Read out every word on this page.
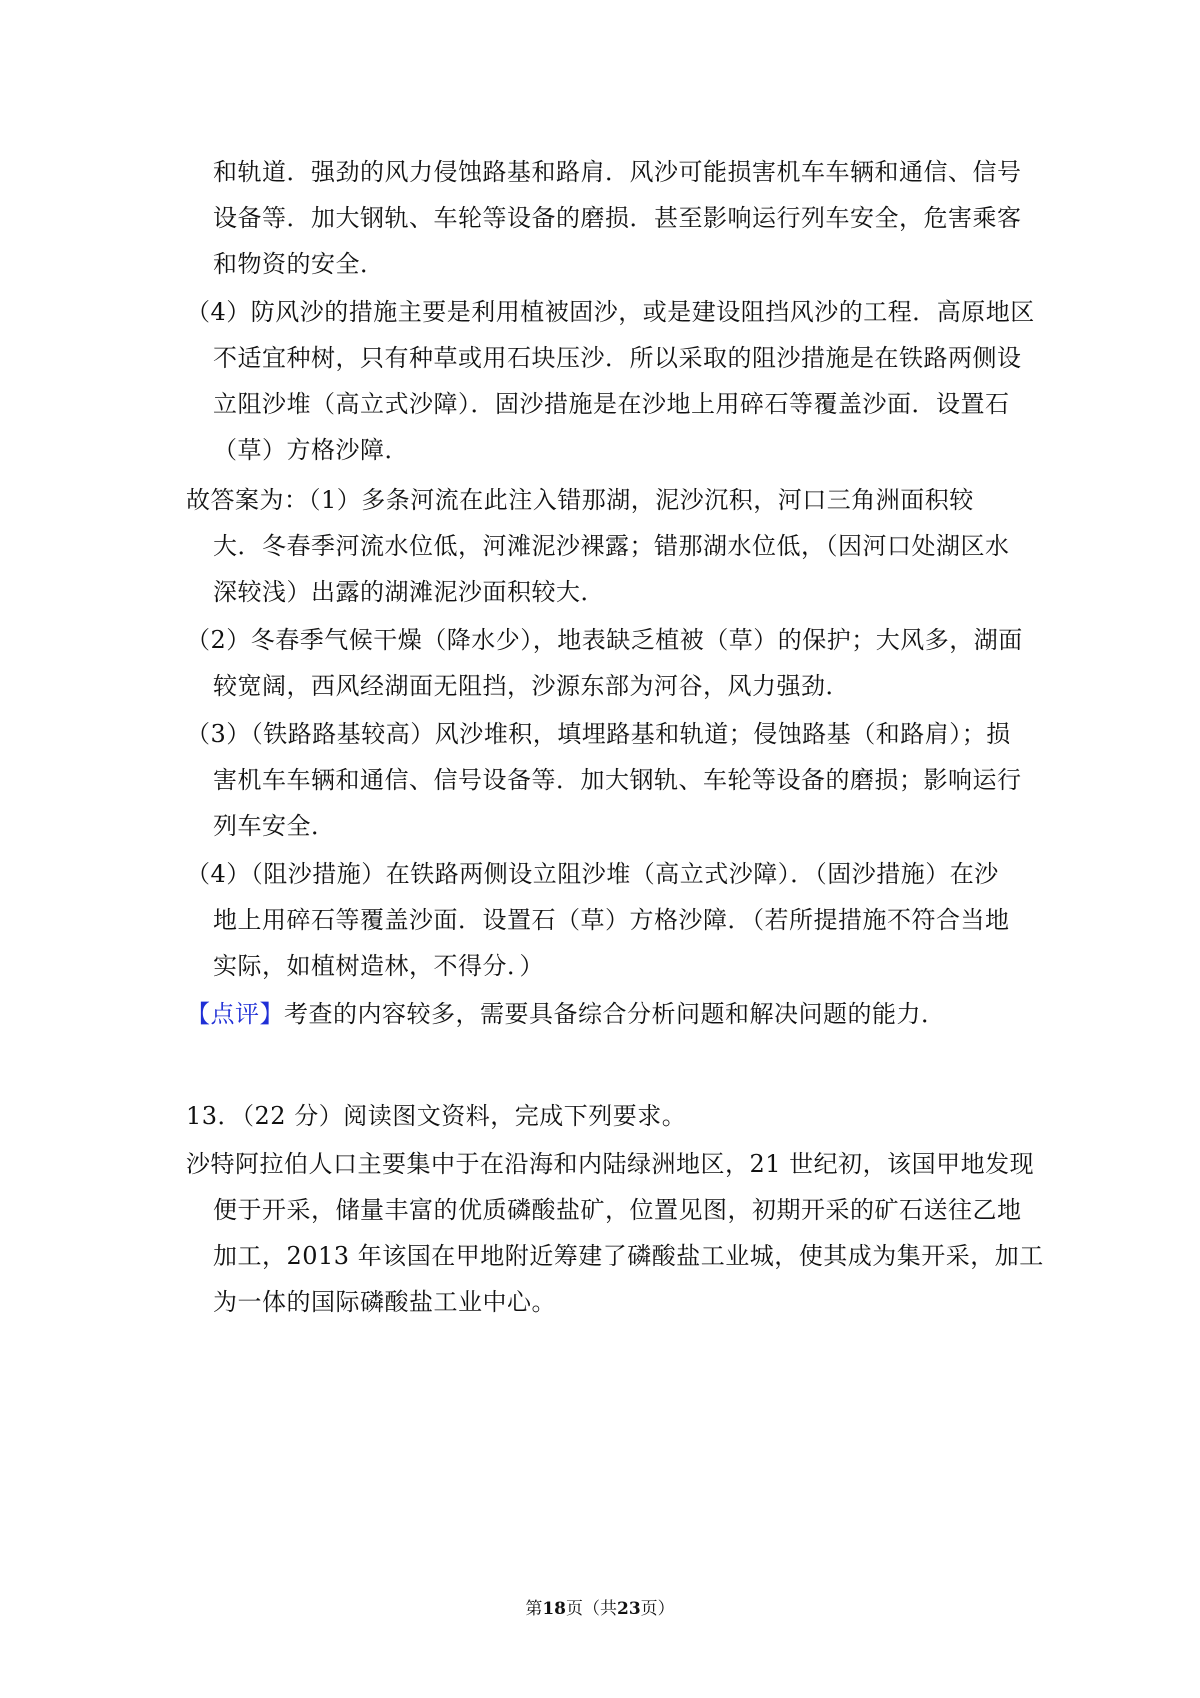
和轨道．强劲的风力侵蚀路基和路肩．风沙可能损害机车车辆和通信、信号
设备等．加大钢轨、车轮等设备的磨损．甚至影响运行列车安全，危害乘客
和物资的安全．
（4）防风沙的措施主要是利用植被固沙，或是建设阻挡风沙的工程．高原地区
不适宜种树，只有种草或用石块压沙．所以采取的阻沙措施是在铁路两侧设
立阻沙堆（高立式沙障）．固沙措施是在沙地上用碎石等覆盖沙面．设置石
（草）方格沙障．
故答案为：（1）多条河流在此注入错那湖，泥沙沉积，河口三角洲面积较
大．冬春季河流水位低，河滩泥沙裸露；错那湖水位低，（因河口处湖区水
深较浅）出露的湖滩泥沙面积较大．
（2）冬春季气候干燥（降水少），地表缺乏植被（草）的保护；大风多，湖面
较宽阔，西风经湖面无阻挡，沙源东部为河谷，风力强劲．
（3）（铁路路基较高）风沙堆积，填埋路基和轨道；侵蚀路基（和路肩）；损
害机车车辆和通信、信号设备等．加大钢轨、车轮等设备的磨损；影响运行
列车安全．
（4）（阻沙措施）在铁路两侧设立阻沙堆（高立式沙障）．（固沙措施）在沙
地上用碎石等覆盖沙面．设置石（草）方格沙障．（若所提措施不符合当地
实际，如植树造林，不得分．）
【点评】考查的内容较多，需要具备综合分析问题和解决问题的能力．
13．（22 分）阅读图文资料，完成下列要求。
沙特阿拉伯人口主要集中于在沿海和内陆绿洲地区，21 世纪初，该国甲地发现
便于开采，储量丰富的优质磷酸盐矿，位置见图，初期开采的矿石送往乙地
加工，2013 年该国在甲地附近筹建了磷酸盐工业城，使其成为集开采，加工
为一体的国际磷酸盐工业中心。
第18页（共23页）
